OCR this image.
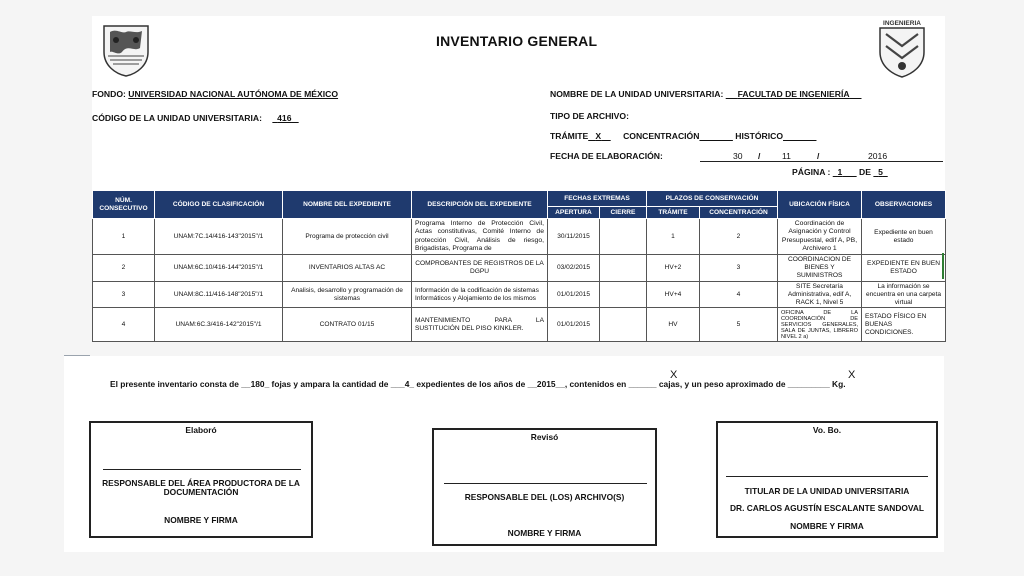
INGENIERIA
INVENTARIO GENERAL
FONDO: UNIVERSIDAD NACIONAL AUTÓNOMA DE MÉXICO
CÓDIGO DE LA UNIDAD UNIVERSITARIA: 416
NOMBRE DE LA UNIDAD UNIVERSITARIA: FACULTAD DE INGENIERÍA
TIPO DE ARCHIVO:
TRÁMITE X	CONCENTRACIÓN	HISTÓRICO
FECHA DE ELABORACIÓN:	30 /	11	/	2016
PÁGINA : 1 DE 5
NÚM. CONSECUTIVO	CÓDIGO DE CLASIFICACIÓN	NOMBRE DEL EXPEDIENTE	DESCRIPCIÓN DEL EXPEDIENTE	FECHAS EXTREMAS		PLAZOS DE CONSERVACIÓN		UBICACIÓN FÍSICA	OBSERVACIONES
				APERTURA	CIERRE	TRÁMITE	CONCENTRACIÓN		
1	UNAM:7C.14/416-143"2015"/1	Programa de protección civil	Programa Interno de Protección Civil, Actas constitutivas, Comité Interno de protección Civil, Análisis de riesgo, Brigadistas, Programa de	30/11/2015		1	2	Coordinación de Asignación y Control Presupuestal, edif A, PB, Archivero 1	Expediente en buen estado
2	UNAM:6C.10/416-144"2015"/1	INVENTARIOS ALTAS AC	COMPROBANTES DE REGISTROS DE LA DGPU	03/02/2015		HV+2	3	COORDINACION DE BIENES Y SUMINISTROS	EXPEDIENTE EN BUEN ESTADO
3	UNAM:8C.11/416-148"2015"/1	Analisis, desarrollo y programación de sistemas	Información de la codificación de sistemas Informáticos y Alojamiento de los mismos	01/01/2015		HV+4	4	SITE Secretaría Administrativa, edif A, RACK 1, Nivel 5	La información se encuentra en una carpeta virtual
4	UNAM:6C.3/416-142"2015"/1	CONTRATO 01/15	MANTENIMIENTO PARA LA SUSTITUCIÓN DEL PISO KINKLER.	01/01/2015		HV	5	OFICINA DE LA COORDINACIÓN DE SERVICIOS GENERALES, SALA DE JUNTAS, LIBRERO NIVEL 2 a)	ESTADO FÍSICO EN BUENAS CONDICIONES.
El presente inventario consta de __180_ fojas y ampara la cantidad de ___4_ expedientes de los años de __2015__, contenidos en ______ cajas, y un peso aproximado de _________ Kg.
X	X
Elaboró
RESPONSABLE DEL ÁREA PRODUCTORA DE LA DOCUMENTACIÓN
NOMBRE Y FIRMA
Revisó
RESPONSABLE DEL (LOS) ARCHIVO(S)
NOMBRE Y FIRMA
Vo. Bo.
TITULAR DE LA UNIDAD UNIVERSITARIA
DR. CARLOS AGUSTÍN ESCALANTE SANDOVAL
NOMBRE Y FIRMA
